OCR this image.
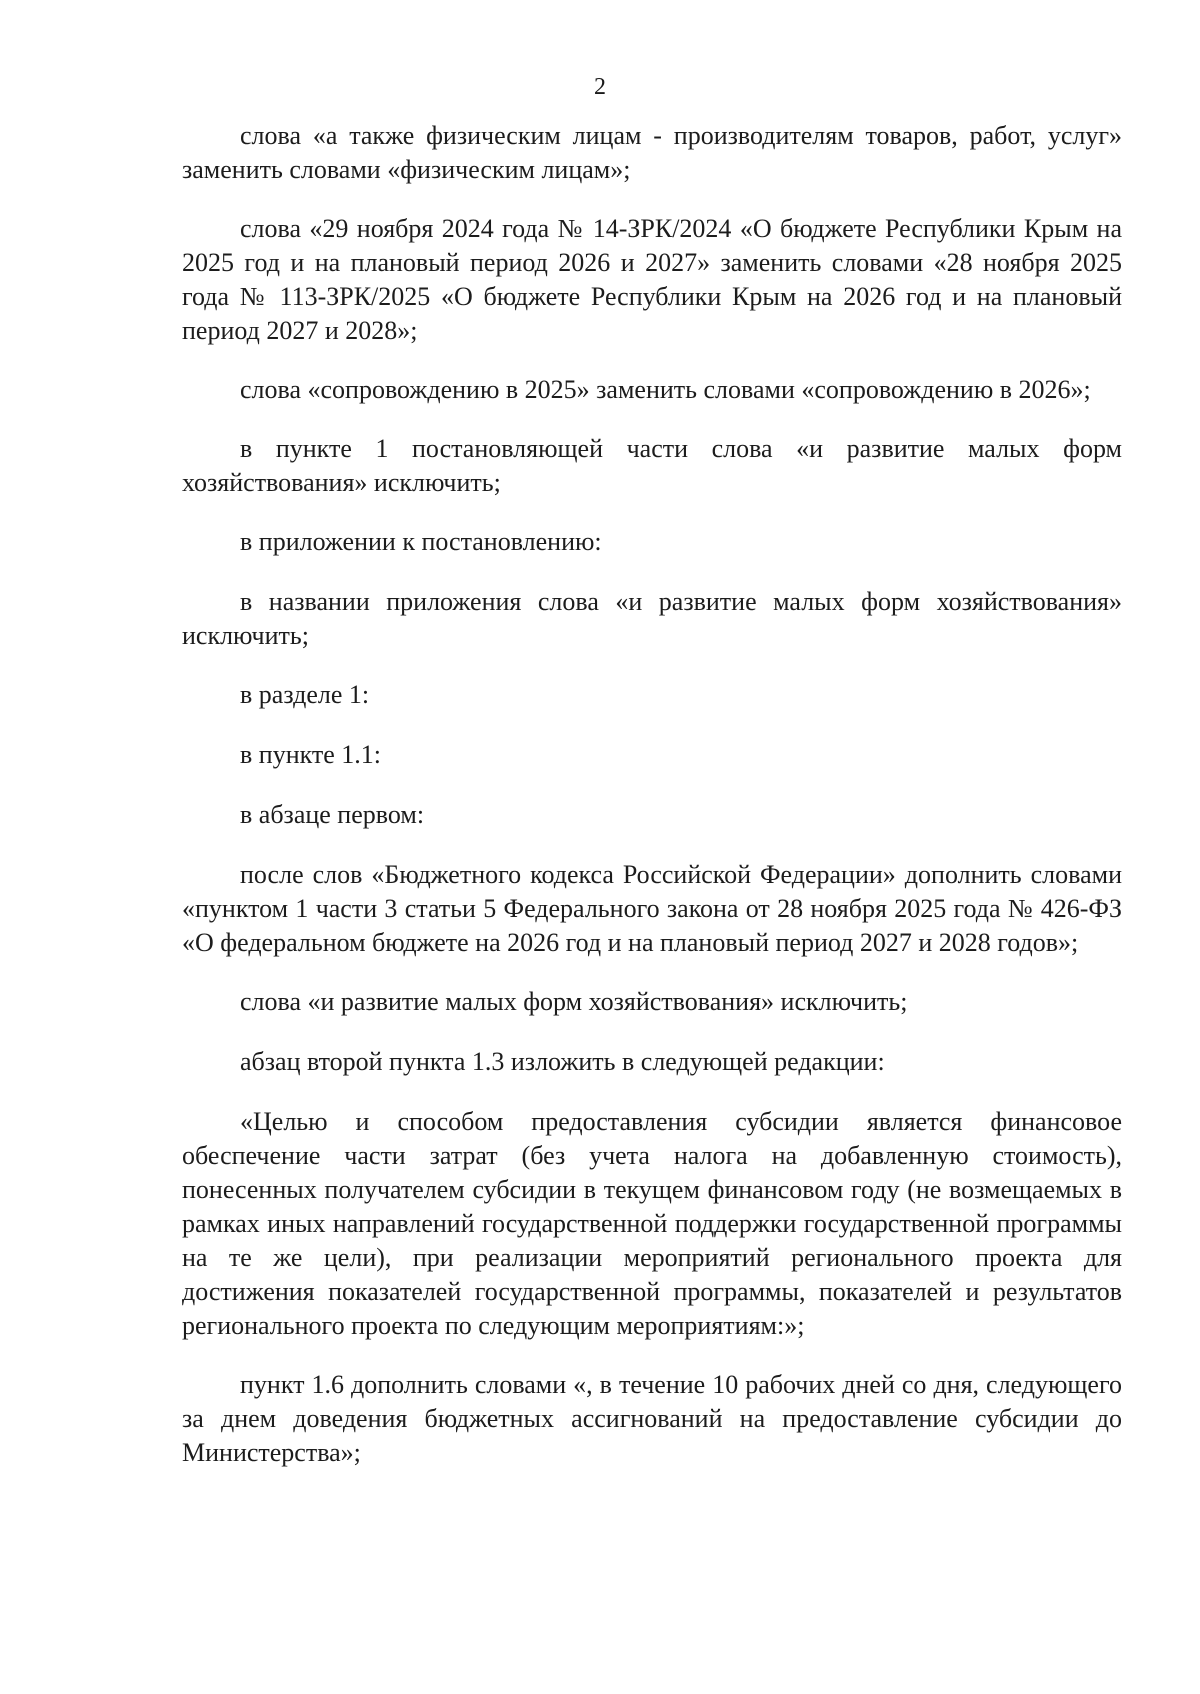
2

слова «а также физическим лицам - производителям товаров, работ, услуг» заменить словами «физическим лицам»;

слова «29 ноября 2024 года № 14-ЗРК/2024 «О бюджете Республики Крым на 2025 год и на плановый период 2026 и 2027» заменить словами «28 ноября 2025 года № 113-ЗРК/2025 «О бюджете Республики Крым на 2026 год и на плановый период 2027 и 2028»;

слова «сопровождению в 2025» заменить словами «сопровождению в 2026»;

в пункте 1 постановляющей части слова «и развитие малых форм хозяйствования» исключить;

в приложении к постановлению:

в названии приложения слова «и развитие малых форм хозяйствования» исключить;

в разделе 1:

в пункте 1.1:

в абзаце первом:

после слов «Бюджетного кодекса Российской Федерации» дополнить словами «пунктом 1 части 3 статьи 5 Федерального закона от 28 ноября 2025 года № 426-ФЗ «О федеральном бюджете на 2026 год и на плановый период 2027 и 2028 годов»;

слова «и развитие малых форм хозяйствования» исключить;

абзац второй пункта 1.3 изложить в следующей редакции:

«Целью и способом предоставления субсидии является финансовое обеспечение части затрат (без учета налога на добавленную стоимость), понесенных получателем субсидии в текущем финансовом году (не возмещаемых в рамках иных направлений государственной поддержки государственной программы на те же цели), при реализации мероприятий регионального проекта для достижения показателей государственной программы, показателей и результатов регионального проекта по следующим мероприятиям:»;

пункт 1.6 дополнить словами «, в течение 10 рабочих дней со дня, следующего за днем доведения бюджетных ассигнований на предоставление субсидии до Министерства»;
